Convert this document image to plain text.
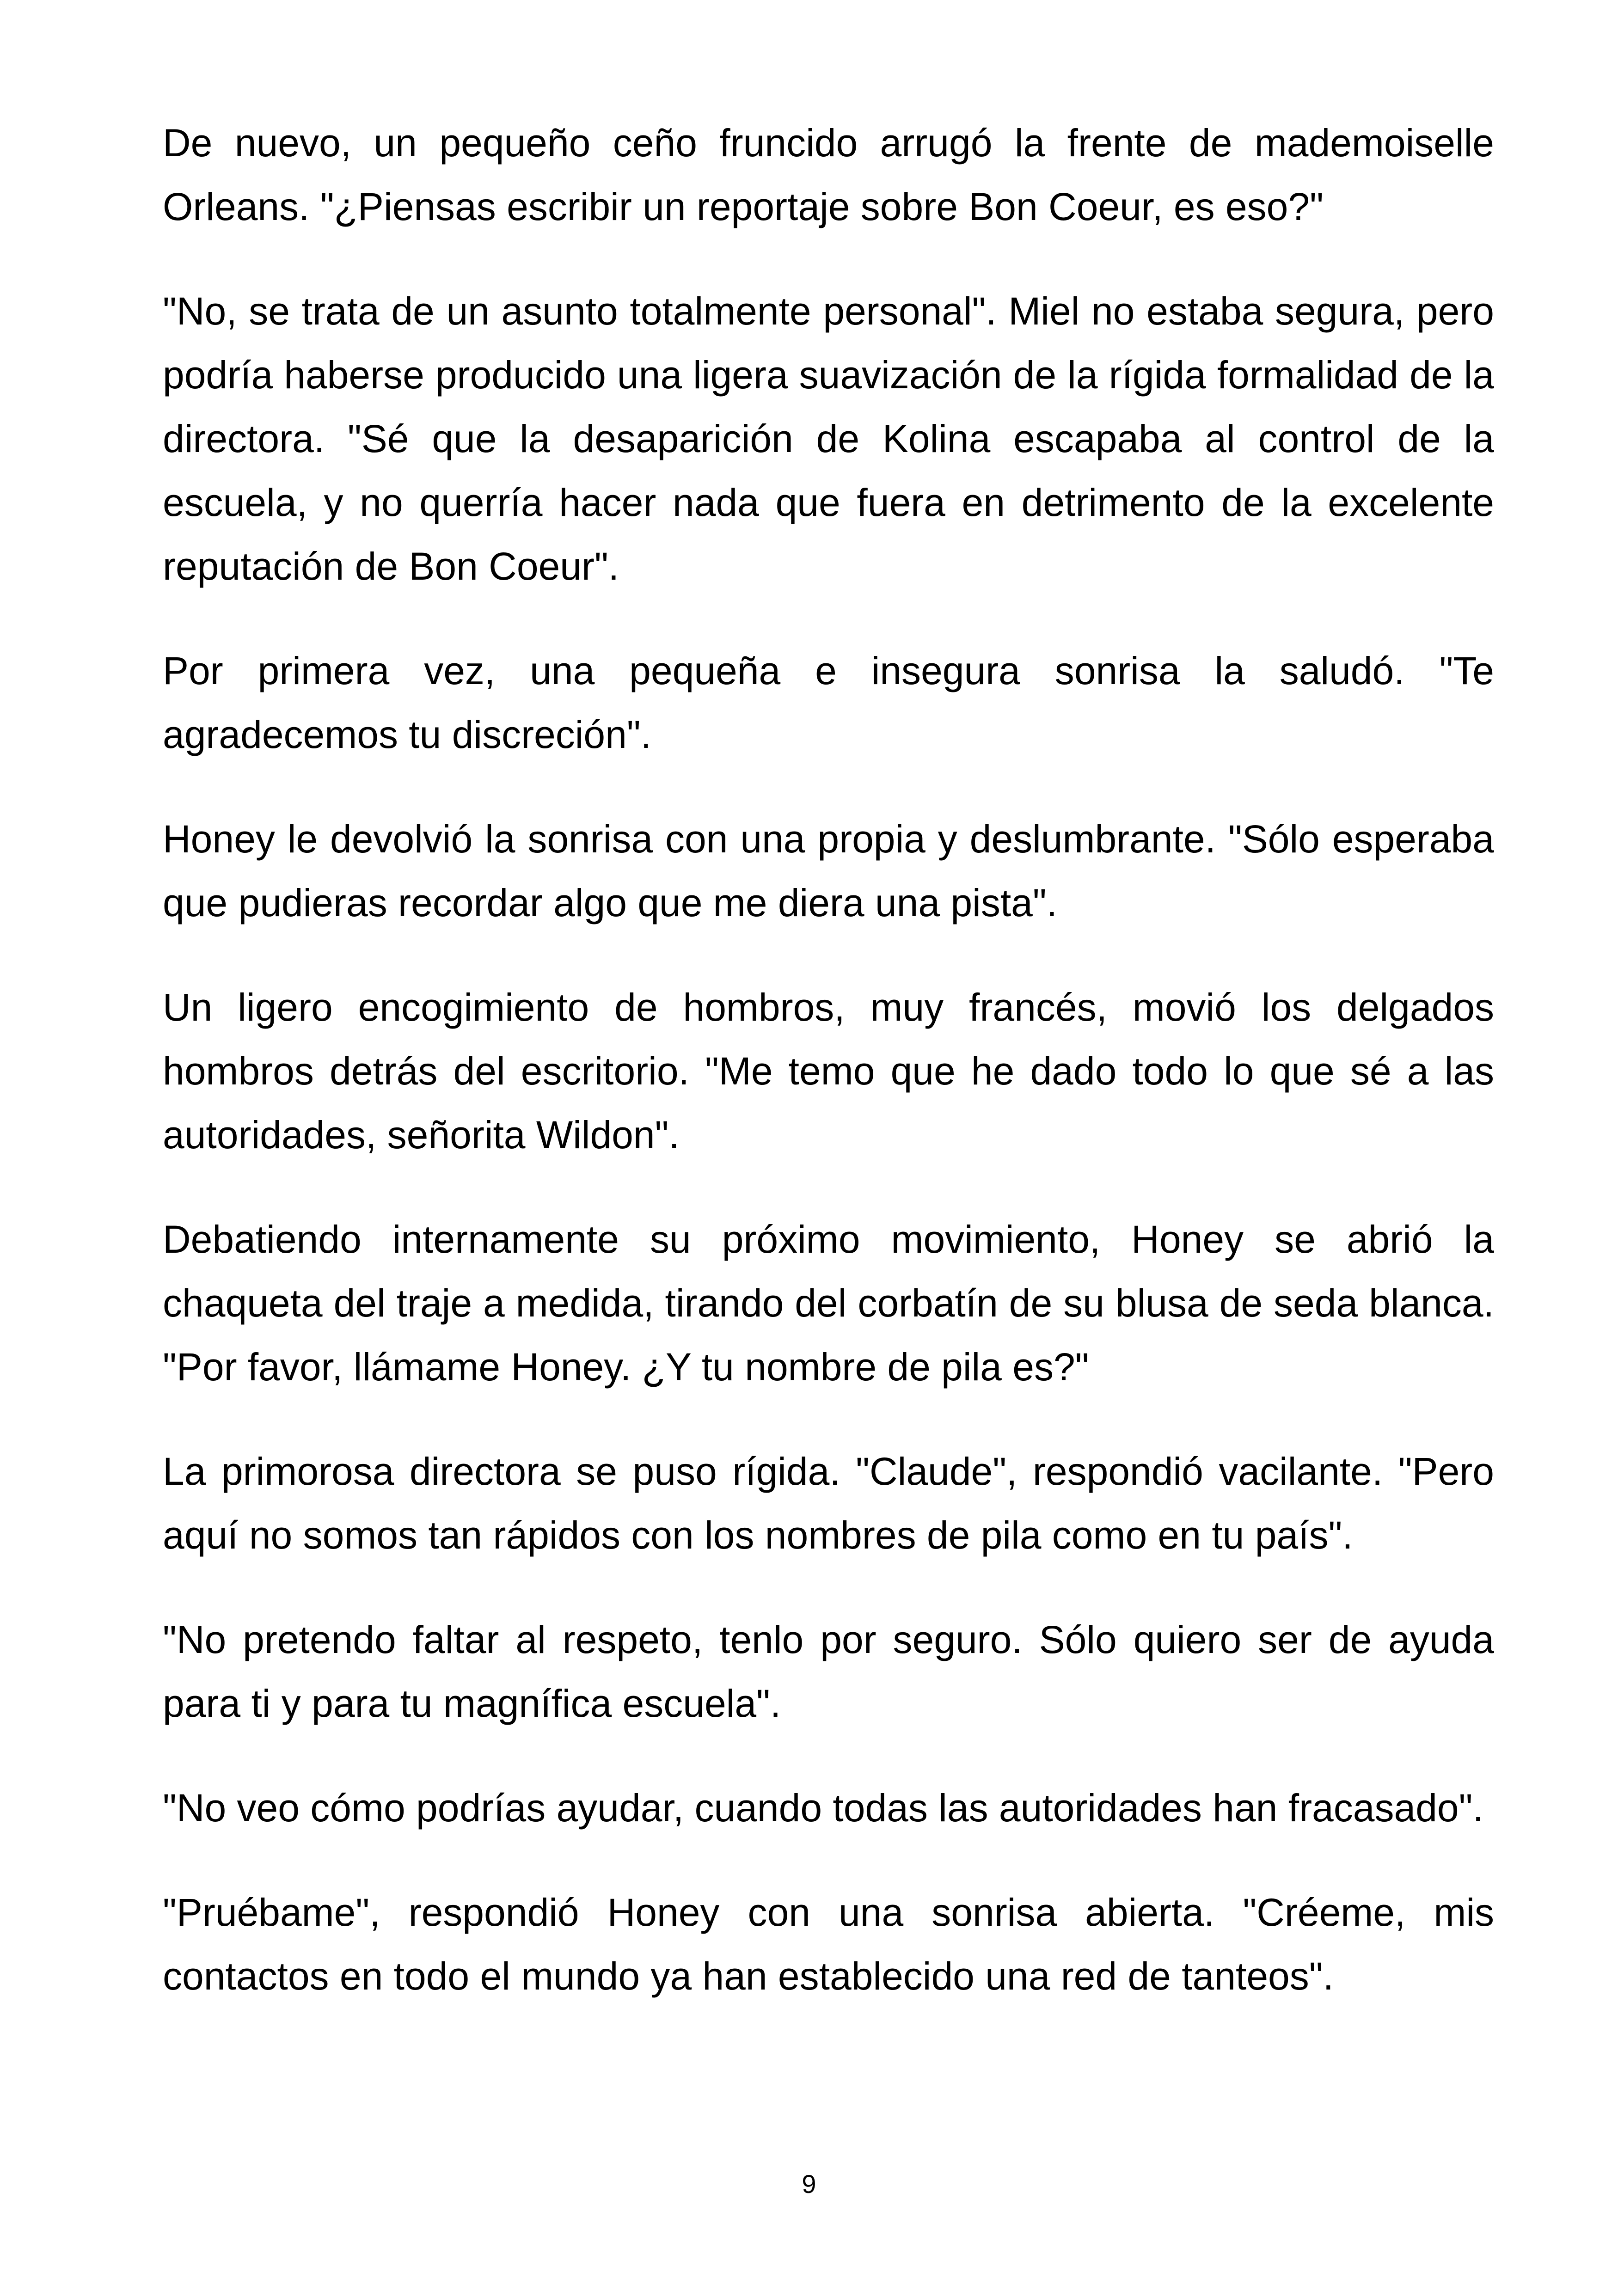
De nuevo, un pequeño ceño fruncido arrugó la frente de mademoiselle Orleans. "¿Piensas escribir un reportaje sobre Bon Coeur, es eso?"

"No, se trata de un asunto totalmente personal". Miel no estaba segura, pero podría haberse producido una ligera suavización de la rígida formalidad de la directora. "Sé que la desaparición de Kolina escapaba al control de la escuela, y no querría hacer nada que fuera en detrimento de la excelente reputación de Bon Coeur".

Por primera vez, una pequeña e insegura sonrisa la saludó. "Te agradecemos tu discreción".

Honey le devolvió la sonrisa con una propia y deslumbrante. "Sólo esperaba que pudieras recordar algo que me diera una pista".

Un ligero encogimiento de hombros, muy francés, movió los delgados hombros detrás del escritorio. "Me temo que he dado todo lo que sé a las autoridades, señorita Wildon".

Debatiendo internamente su próximo movimiento, Honey se abrió la chaqueta del traje a medida, tirando del corbatín de su blusa de seda blanca. "Por favor, llámame Honey. ¿Y tu nombre de pila es?"

La primorosa directora se puso rígida. "Claude", respondió vacilante. "Pero aquí no somos tan rápidos con los nombres de pila como en tu país".

"No pretendo faltar al respeto, tenlo por seguro. Sólo quiero ser de ayuda para ti y para tu magnífica escuela".

"No veo cómo podrías ayudar, cuando todas las autoridades han fracasado".

"Pruébame", respondió Honey con una sonrisa abierta. "Créeme, mis contactos en todo el mundo ya han establecido una red de tanteos".

9
